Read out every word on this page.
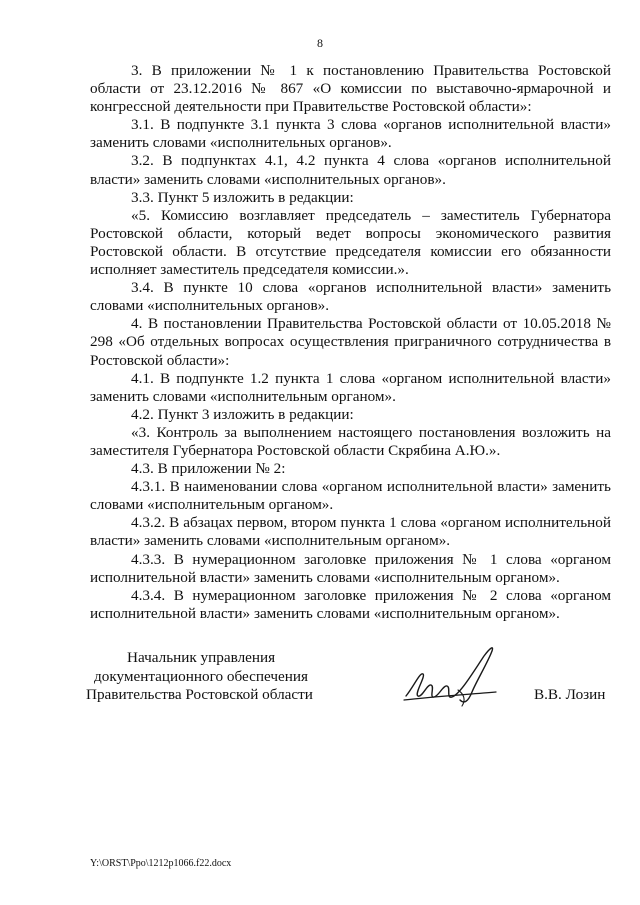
8

3. В приложении № 1 к постановлению Правительства Ростовской области от 23.12.2016 № 867 «О комиссии по выставочно-ярмарочной и конгрессной деятельности при Правительстве Ростовской области»:

3.1. В подпункте 3.1 пункта 3 слова «органов исполнительной власти» заменить словами «исполнительных органов».

3.2. В подпунктах 4.1, 4.2 пункта 4 слова «органов исполнительной власти» заменить словами «исполнительных органов».

3.3. Пункт 5 изложить в редакции:

«5. Комиссию возглавляет председатель – заместитель Губернатора Ростовской области, который ведет вопросы экономического развития Ростовской области. В отсутствие председателя комиссии его обязанности исполняет заместитель председателя комиссии.».

3.4. В пункте 10 слова «органов исполнительной власти» заменить словами «исполнительных органов».

4. В постановлении Правительства Ростовской области от 10.05.2018 № 298 «Об отдельных вопросах осуществления приграничного сотрудничества в Ростовской области»:

4.1. В подпункте 1.2 пункта 1 слова «органом исполнительной власти» заменить словами «исполнительным органом».

4.2. Пункт 3 изложить в редакции:

«3. Контроль за выполнением настоящего постановления возложить на заместителя Губернатора Ростовской области Скрябина А.Ю.».

4.3. В приложении № 2:

4.3.1. В наименовании слова «органом исполнительной власти» заменить словами «исполнительным органом».

4.3.2. В абзацах первом, втором пункта 1 слова «органом исполнительной власти» заменить словами «исполнительным органом».

4.3.3. В нумерационном заголовке приложения № 1 слова «органом исполнительной власти» заменить словами «исполнительным органом».

4.3.4. В нумерационном заголовке приложения № 2 слова «органом исполнительной власти» заменить словами «исполнительным органом».

Начальник управления
документационного обеспечения
Правительства Ростовской области	В.В. Лозин
Y:\ORST\Ppo\1212p1066.f22.docx
